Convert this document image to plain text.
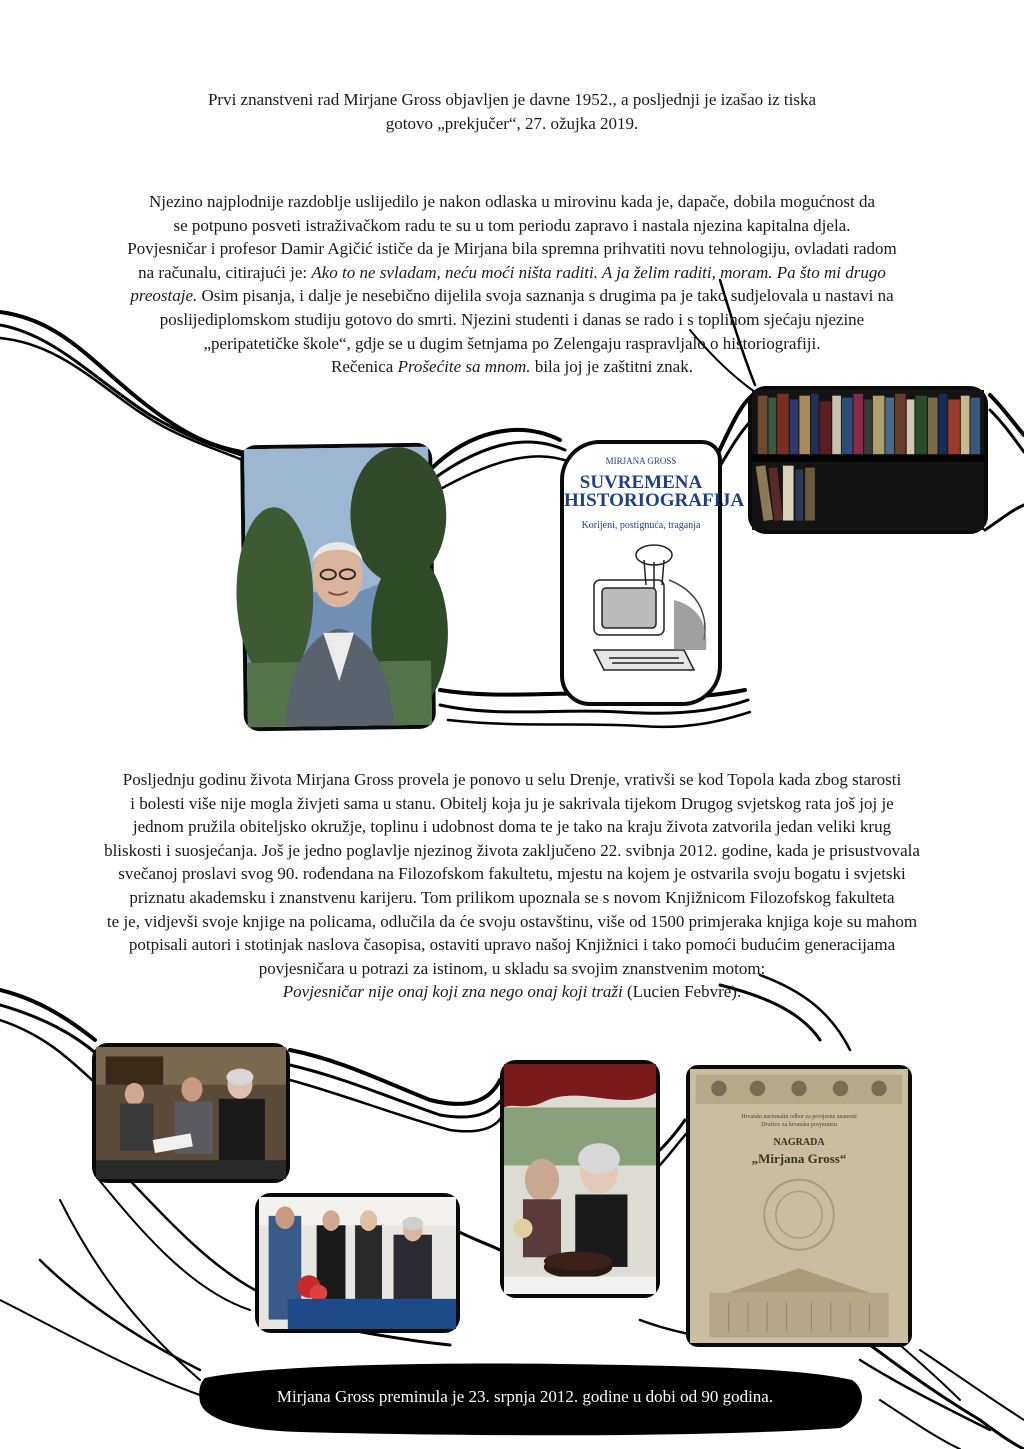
Prvi znanstveni rad Mirjane Gross objavljen je davne 1952., a posljednji je izašao iz tiska

gotovo „prekjučer“, 27. ožujka 2019.

Njezino najplodnije razdoblje uslijedilo je nakon odlaska u mirovinu kada je, dapače, dobila mogućnost da

se potpuno posveti istraživačkom radu te su u tom periodu zapravo i nastala njezina kapitalna djela.

Povjesničar i profesor Damir Agičić ističe da je Mirjana bila spremna prihvatiti novu tehnologiju, ovladati radom

na računalu, citirajući je: Ako to ne svladam, neću moći ništa raditi. A ja želim raditi, moram. Pa što mi drugo

preostaje. Osim pisanja, i dalje je nesebično dijelila svoja saznanja s drugima pa je tako sudjelovala u nastavi na

poslijediplomskom studiju gotovo do smrti. Njezini studenti i danas se rado i s toplinom sjećaju njezine

„peripatetičke škole“, gdje se u dugim šetnjama po Zelengaju raspravljalo o historiografiji.

Rečenica Prošećite sa mnom. bila joj je zaštitni znak.

MIRJANA GROSS
SUVREMENA
HISTORIOGRAFIJA
Korijeni, postignuća, traganja

Posljednju godinu života Mirjana Gross provela je ponovo u selu Drenje, vrativši se kod Topola kada zbog starosti

i bolesti više nije mogla živjeti sama u stanu. Obitelj koja ju je sakrivala tijekom Drugog svjetskog rata još joj je

jednom pružila obiteljsko okružje, toplinu i udobnost doma te je tako na kraju života zatvorila jedan veliki krug

bliskosti i suosjećanja. Još je jedno poglavlje njezinog života zaključeno 22. svibnja 2012. godine, kada je prisustvovala

svečanoj proslavi svog 90. rođendana na Filozofskom fakultetu, mjestu na kojem je ostvarila svoju bogatu i svjetski

priznatu akademsku i znanstvenu karijeru. Tom prilikom upoznala se s novom Knjižnicom Filozofskog fakulteta

te je, vidjevši svoje knjige na policama, odlučila da će svoju ostavštinu, više od 1500 primjeraka knjiga koje su mahom

potpisali autori i stotinjak naslova časopisa, ostaviti upravo našoj Knjižnici i tako pomoći budućim generacijama

povjesničara u potrazi za istinom, u skladu sa svojim znanstvenim motom:

Povjesničar nije onaj koji zna nego onaj koji traži (Lucien Febvre).

Hrvatski nacionalni odbor za povijesne znanosti
Društvo za hrvatsku povjesnicu
NAGRADA
„Mirjana Gross“
Mirjana Gross preminula je 23. srpnja 2012. godine u dobi od 90 godina.
